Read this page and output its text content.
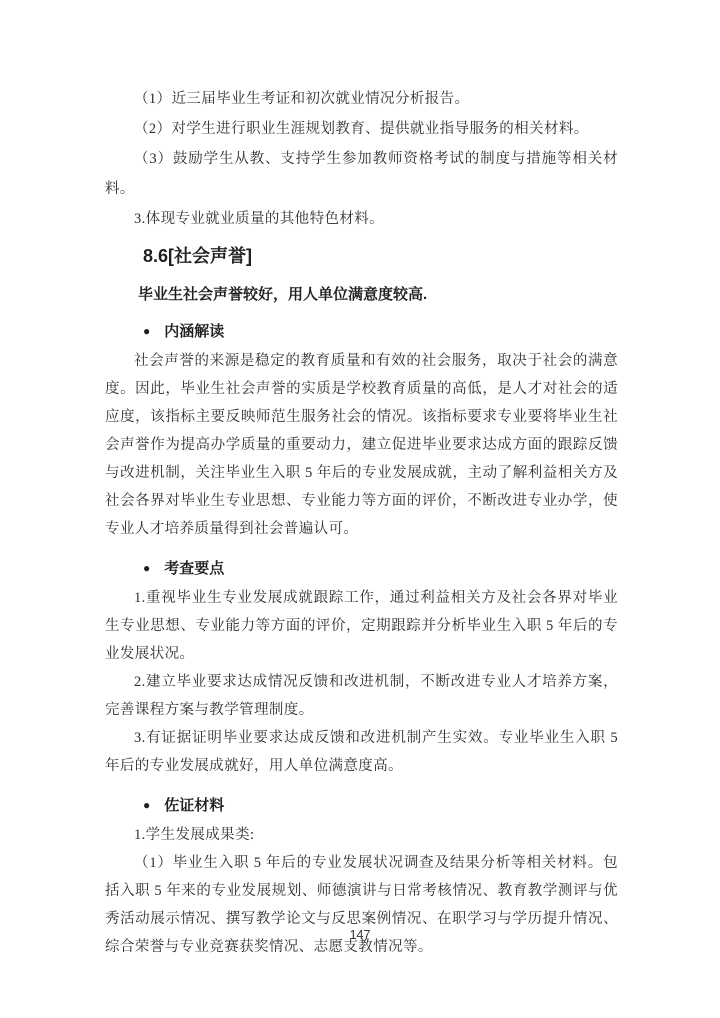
（1）近三届毕业生考证和初次就业情况分析报告。

（2）对学生进行职业生涯规划教育、提供就业指导服务的相关材料。

（3）鼓励学生从教、支持学生参加教师资格考试的制度与措施等相关材料。

3.体现专业就业质量的其他特色材料。

8.6[社会声誉]

毕业生社会声誉较好，用人单位满意度较高.

● 内涵解读

社会声誉的来源是稳定的教育质量和有效的社会服务，取决于社会的满意度。因此，毕业生社会声誉的实质是学校教育质量的高低，是人才对社会的适应度，该指标主要反映师范生服务社会的情况。该指标要求专业要将毕业生社会声誉作为提高办学质量的重要动力，建立促进毕业要求达成方面的跟踪反馈与改进机制，关注毕业生入职 5 年后的专业发展成就，主动了解利益相关方及社会各界对毕业生专业思想、专业能力等方面的评价，不断改进专业办学，使专业人才培养质量得到社会普遍认可。

● 考查要点

1.重视毕业生专业发展成就跟踪工作，通过利益相关方及社会各界对毕业生专业思想、专业能力等方面的评价，定期跟踪并分析毕业生入职 5 年后的专业发展状况。

2.建立毕业要求达成情况反馈和改进机制，不断改进专业人才培养方案，完善课程方案与教学管理制度。

3.有证据证明毕业要求达成反馈和改进机制产生实效。专业毕业生入职 5 年后的专业发展成就好，用人单位满意度高。

● 佐证材料

1.学生发展成果类:

（1）毕业生入职 5 年后的专业发展状况调查及结果分析等相关材料。包括入职 5 年来的专业发展规划、师德演讲与日常考核情况、教育教学测评与优秀活动展示情况、撰写教学论文与反思案例情况、在职学习与学历提升情况、综合荣誉与专业竞赛获奖情况、志愿支教情况等。

147
